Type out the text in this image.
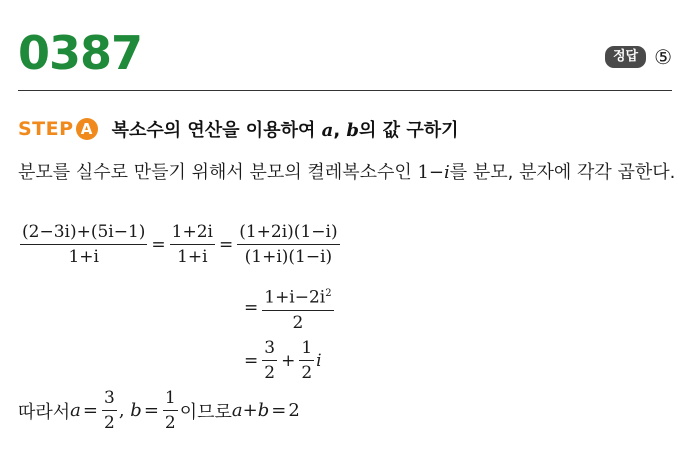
0387	정답 ⑤
STEP A 복소수의 연산을 이용하여 a, b의 값 구하기
분모를 실수로 만들기 위해서 분모의 켤레복소수인 1−i를 분모, 분자에 각각 곱한다.
$\frac{(2-3i)+(5i-1)}{1+i} = \frac{1+2i}{1+i} = \frac{(1+2i)(1-i)}{(1+i)(1-i)}$
= $\frac{1+i-2i^2}{2}$
= $\frac{3}{2} + \frac{1}{2}$ i
따라서 $a = \frac{3}{2}$ , $b = \frac{1}{2}$ 이므로 a+b = 2
